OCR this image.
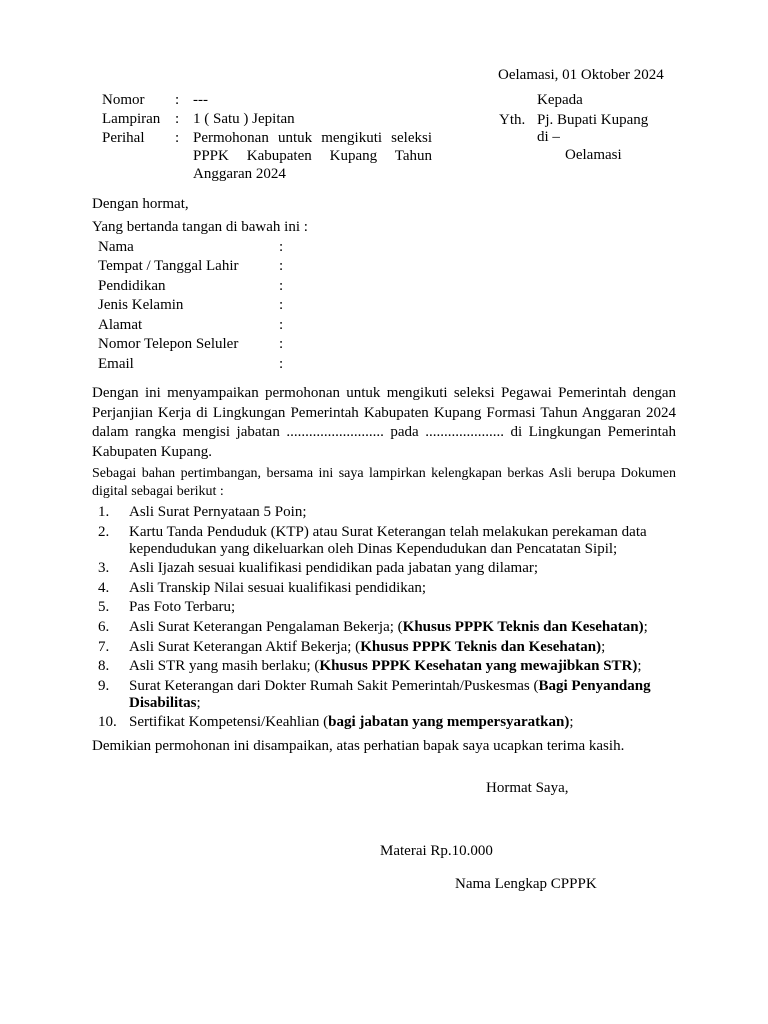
Oelamasi, 01 Oktober 2024
Nomor	: ---
Lampiran : 1 ( Satu ) Jepitan
Perihal	: Permohonan untuk mengikuti seleksi PPPK Kabupaten Kupang Tahun Anggaran 2024
Kepada
Yth. Pj. Bupati Kupang
di –
Oelamasi
Dengan hormat,
Yang bertanda tangan di bawah ini :
Nama	:
Tempat / Tanggal Lahir	:
Pendidikan	:
Jenis Kelamin	:
Alamat	:
Nomor Telepon Seluler	:
Email	:
Dengan ini menyampaikan permohonan untuk mengikuti seleksi Pegawai Pemerintah dengan Perjanjian Kerja di Lingkungan Pemerintah Kabupaten Kupang Formasi Tahun Anggaran 2024 dalam rangka mengisi jabatan .......................... pada ..................... di Lingkungan Pemerintah Kabupaten Kupang.
Sebagai bahan pertimbangan, bersama ini saya lampirkan kelengkapan berkas Asli berupa Dokumen digital sebagai berikut :
1.	Asli Surat Pernyataan 5 Poin;
2.	Kartu Tanda Penduduk (KTP) atau Surat Keterangan telah melakukan perekaman data kependudukan yang dikeluarkan oleh Dinas Kependudukan dan Pencatatan Sipil;
3.	Asli Ijazah sesuai kualifikasi pendidikan pada jabatan yang dilamar;
4.	Asli Transkip Nilai sesuai kualifikasi pendidikan;
5.	Pas Foto Terbaru;
6.	Asli Surat Keterangan Pengalaman Bekerja; (Khusus PPPK Teknis dan Kesehatan);
7.	Asli Surat Keterangan Aktif Bekerja; (Khusus PPPK Teknis dan Kesehatan);
8.	Asli STR yang masih berlaku; (Khusus PPPK Kesehatan yang mewajibkan STR);
9.	Surat Keterangan dari Dokter Rumah Sakit Pemerintah/Puskesmas (Bagi Penyandang Disabilitas;
10. Sertifikat Kompetensi/Keahlian (bagi jabatan yang mempersyaratkan);
Demikian permohonan ini disampaikan, atas perhatian bapak saya ucapkan terima kasih.
Hormat Saya,
Materai Rp.10.000
Nama Lengkap CPPPK
